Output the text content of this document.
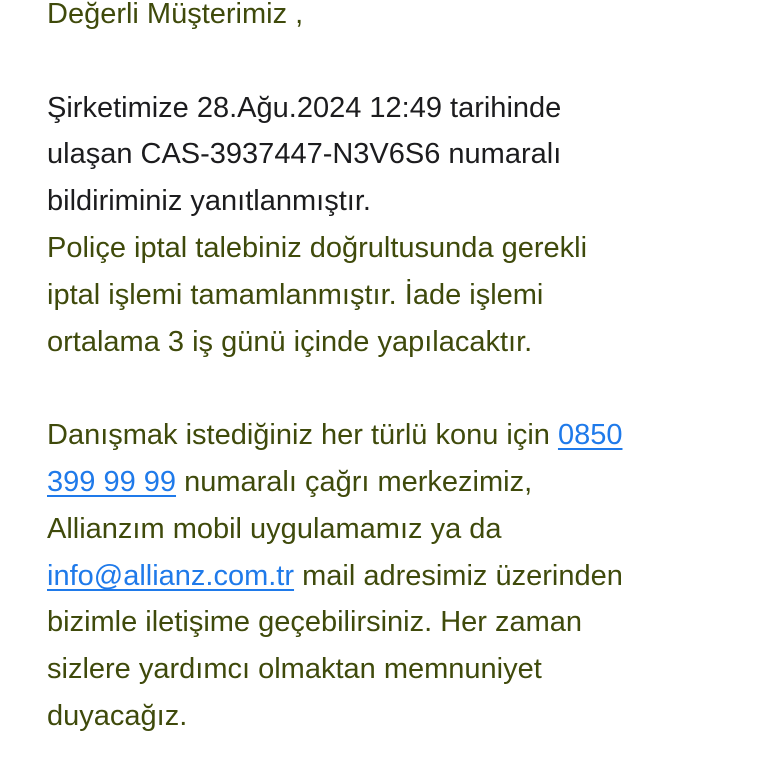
Değerli Müşterimiz ,
Şirketimize 28.Ağu.2024 12:49 tarihinde
ulaşan CAS-3937447-N3V6S6 numaralı
bildiriminiz yanıtlanmıştır.
Poliçe iptal talebiniz doğrultusunda gerekli
iptal işlemi tamamlanmıştır. İade işlemi
ortalama 3 iş günü içinde yapılacaktır.
Danışmak istediğiniz her türlü konu için 0850
399 99 99 numaralı çağrı merkezimiz,
Allianzım mobil uygulamamız ya da
info@allianz.com.tr mail adresimiz üzerinden
bizimle iletişime geçebilirsiniz. Her zaman
sizlere yardımcı olmaktan memnuniyet
duyacağız.
